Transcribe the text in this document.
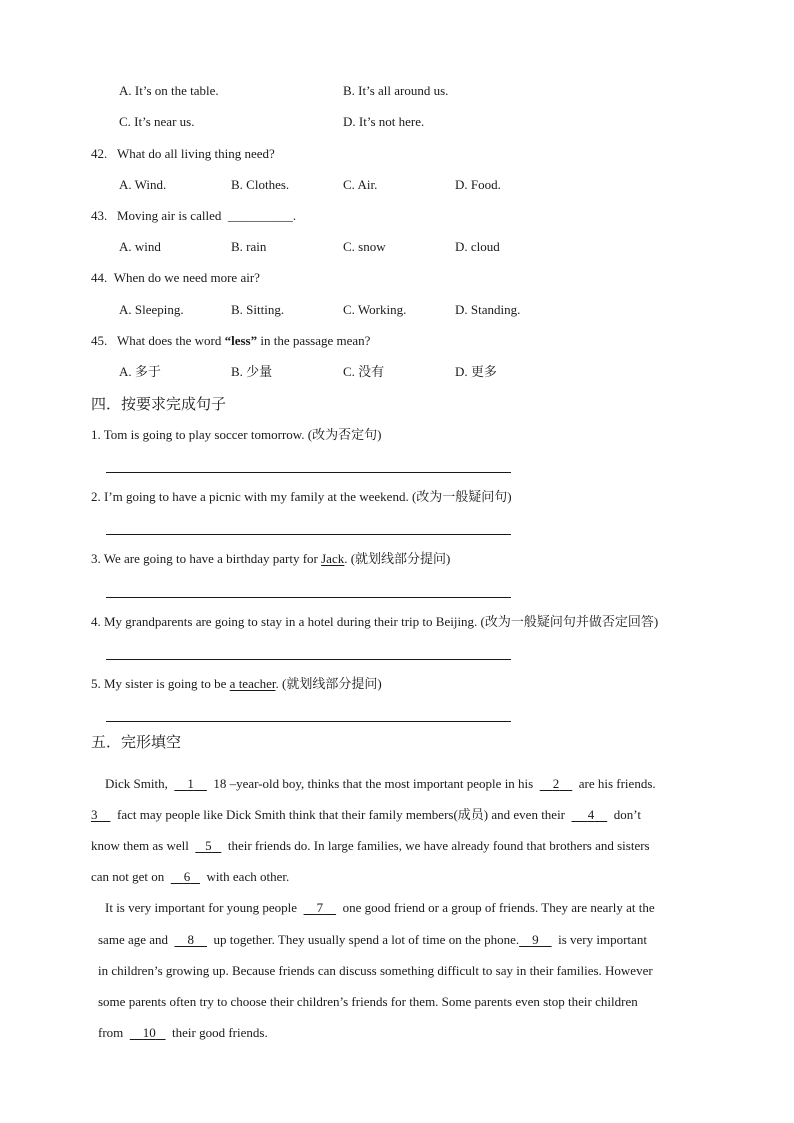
A. It’s on the table.	B. It’s all around us.
C. It’s near us.	D. It’s not here.
42. What do all living thing need?
A. Wind.	B. Clothes.	C. Air.	D. Food.
43. Moving air is called __________.
A. wind	B. rain	C. snow	D. cloud
44. When do we need more air?
A. Sleeping.	B. Sitting.	C. Working.	D. Standing.
45. What does the word “less” in the passage mean?
A. 多于	B. 少量	C. 没有	D. 更多
四．按要求完成句子
1. Tom is going to play soccer tomorrow. (改为否定句)
2. I’m going to have a picnic with my family at the weekend. (改为一般疑问句)
3. We are going to have a birthday party for Jack. (就划线部分提问)
4. My grandparents are going to stay in a hotel during their trip to Beijing. (改为一般疑问句并做否定回答)
5. My sister is going to be a teacher. (就划线部分提问)
五．完形填空
Dick Smith, 1 18 –year-old boy, thinks that the most important people in his 2 are his friends.
3 fact may people like Dick Smith think that their family members(成员) and even their 4 don’t
know them as well 5 their friends do. In large families, we have already found that brothers and sisters
can not get on 6 with each other.
It is very important for young people 7 one good friend or a group of friends. They are nearly at the
same age and 8 up together. They usually spend a lot of time on the phone. 9 is very important
in children’s growing up. Because friends can discuss something difficult to say in their families. However
some parents often try to choose their children’s friends for them. Some parents even stop their children
from 10 their good friends.
